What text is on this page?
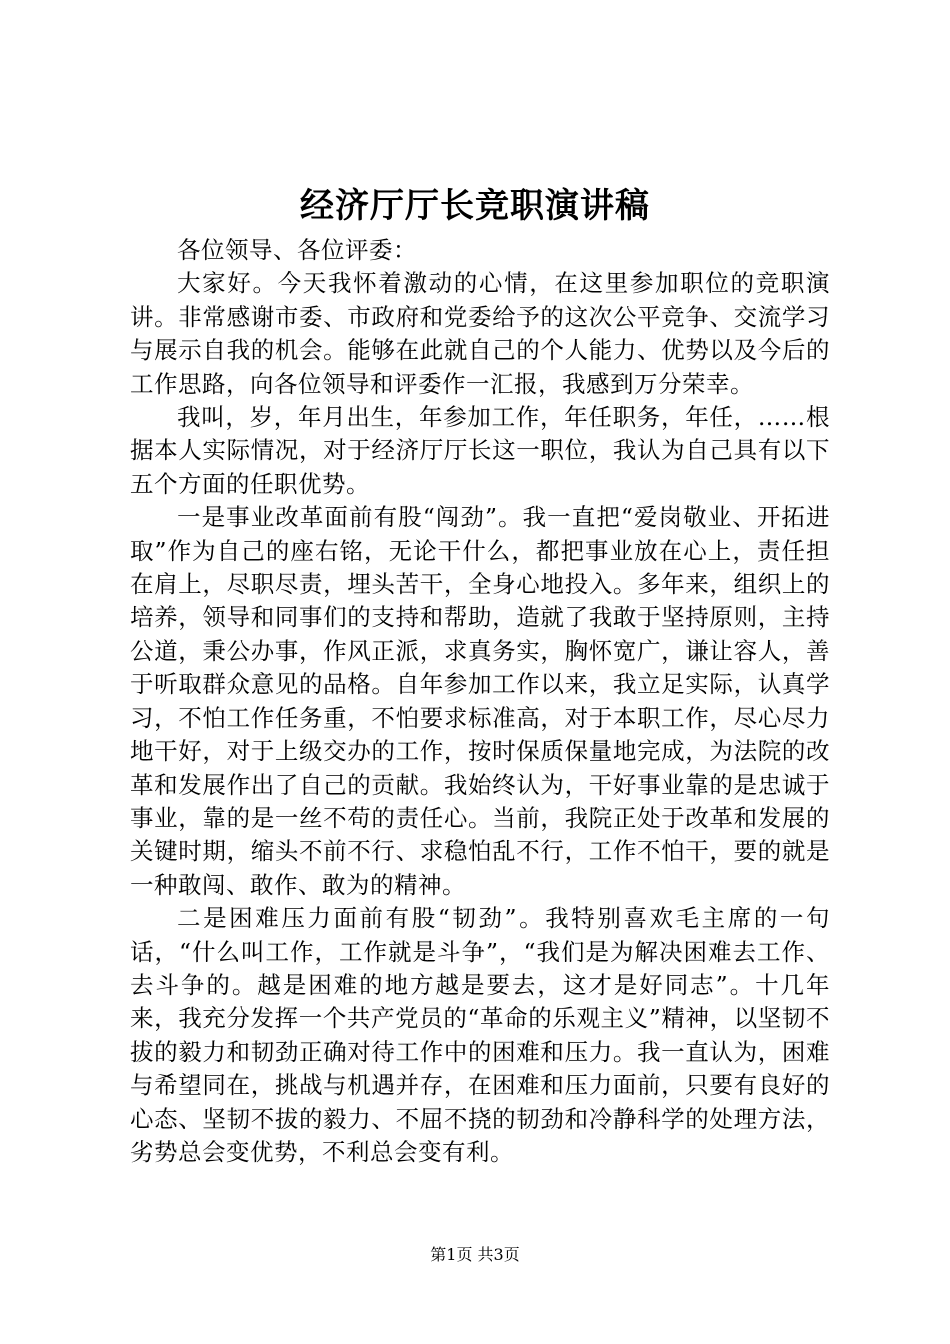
经济厅厅长竞职演讲稿

各位领导、各位评委：

大家好。今天我怀着激动的心情，在这里参加职位的竞职演讲。非常感谢市委、市政府和党委给予的这次公平竞争、交流学习与展示自我的机会。能够在此就自己的个人能力、优势以及今后的工作思路，向各位领导和评委作一汇报，我感到万分荣幸。

我叫，岁，年月出生，年参加工作，年任职务，年任，……根据本人实际情况，对于经济厅厅长这一职位，我认为自己具有以下五个方面的任职优势。

一是事业改革面前有股“闯劲”。我一直把“爱岗敬业、开拓进取”作为自己的座右铭，无论干什么，都把事业放在心上，责任担在肩上，尽职尽责，埋头苦干，全身心地投入。多年来，组织上的培养，领导和同事们的支持和帮助，造就了我敢于坚持原则，主持公道，秉公办事，作风正派，求真务实，胸怀宽广，谦让容人，善于听取群众意见的品格。自年参加工作以来，我立足实际，认真学习，不怕工作任务重，不怕要求标准高，对于本职工作，尽心尽力地干好，对于上级交办的工作，按时保质保量地完成，为法院的改革和发展作出了自己的贡献。我始终认为，干好事业靠的是忠诚于事业，靠的是一丝不苟的责任心。当前，我院正处于改革和发展的关键时期，缩头不前不行、求稳怕乱不行，工作不怕干，要的就是一种敢闯、敢作、敢为的精神。

二是困难压力面前有股“韧劲”。我特别喜欢毛主席的一句话，“什么叫工作，工作就是斗争”，“我们是为解决困难去工作、去斗争的。越是困难的地方越是要去，这才是好同志”。十几年来，我充分发挥一个共产党员的“革命的乐观主义”精神，以坚韧不拔的毅力和韧劲正确对待工作中的困难和压力。我一直认为，困难与希望同在，挑战与机遇并存，在困难和压力面前，只要有良好的心态、坚韧不拔的毅力、不屈不挠的韧劲和冷静科学的处理方法，劣势总会变优势，不利总会变有利。

第1页 共3页
